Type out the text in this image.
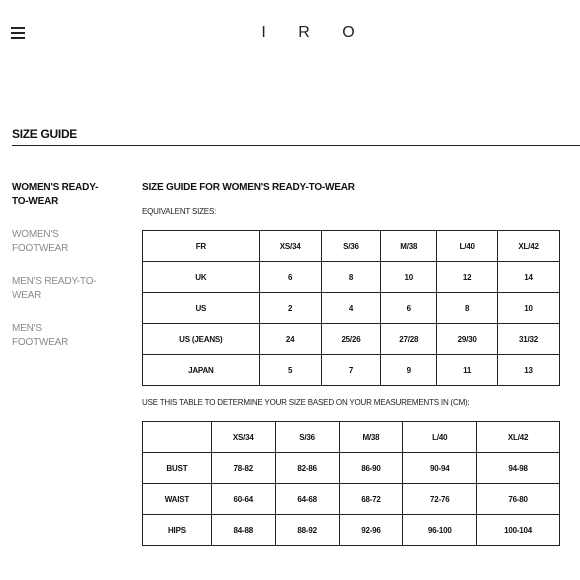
I R O
SIZE GUIDE
WOMEN'S READY-
TO-WEAR
WOMEN'S
FOOTWEAR
MEN'S READY-TO-
WEAR
MEN'S
FOOTWEAR
SIZE GUIDE FOR WOMEN'S READY-TO-WEAR
EQUIVALENT SIZES:
FR	XS/34	S/36	M/38	L/40	XL/42
UK	6	8	10	12	14
US	2	4	6	8	10
US (JEANS)	24	25/26	27/28	29/30	31/32
JAPAN	5	7	9	11	13
USE THIS TABLE TO DETERMINE YOUR SIZE BASED ON YOUR MEASUREMENTS IN (CM):
	XS/34	S/36	M/38	L/40	XL/42
BUST	78-82	82-86	86-90	90-94	94-98
WAIST	60-64	64-68	68-72	72-76	76-80
HIPS	84-88	88-92	92-96	96-100	100-104
